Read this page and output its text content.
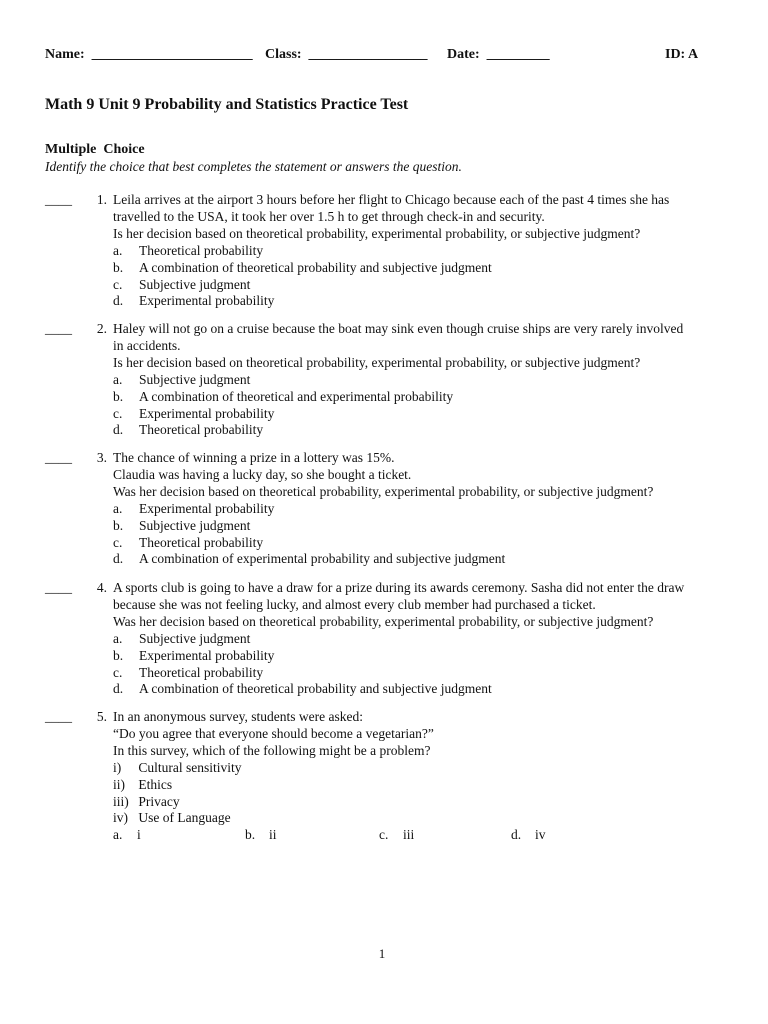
Name:  _______________________ Class:  _________________ Date:  _________	ID: A
Math 9 Unit 9 Probability and Statistics Practice Test
Multiple  Choice
Identify the choice that best completes the statement or answers the question.
____	1. Leila arrives at the airport 3 hours before her flight to Chicago because each of the past 4 times she has
travelled to the USA, it took her over 1.5 h to get through check-in and security.
Is her decision based on theoretical probability, experimental probability, or subjective judgment?
a. Theoretical probability
b. A combination of theoretical probability and subjective judgment
c. Subjective judgment
d. Experimental probability
____	2. Haley will not go on a cruise because the boat may sink even though cruise ships are very rarely involved
in accidents.
Is her decision based on theoretical probability, experimental probability, or subjective judgment?
a. Subjective judgment
b. A combination of theoretical and experimental probability
c. Experimental probability
d. Theoretical probability
____	3. The chance of winning a prize in a lottery was 15%.
Claudia was having a lucky day, so she bought a ticket.
Was her decision based on theoretical probability, experimental probability, or subjective judgment?
a. Experimental probability
b. Subjective judgment
c. Theoretical probability
d. A combination of experimental probability and subjective judgment
____	4. A sports club is going to have a draw for a prize during its awards ceremony. Sasha did not enter the draw
because she was not feeling lucky, and almost every club member had purchased a ticket.
Was her decision based on theoretical probability, experimental probability, or subjective judgment?
a. Subjective judgment
b. Experimental probability
c. Theoretical probability
d. A combination of theoretical probability and subjective judgment
____	5. In an anonymous survey, students were asked:
“Do you agree that everyone should become a vegetarian?”
In this survey, which of the following might be a problem?
i) Cultural sensitivity
ii) Ethics
iii) Privacy
iv) Use of Language
a. i	b. ii	c. iii	d. iv
1
